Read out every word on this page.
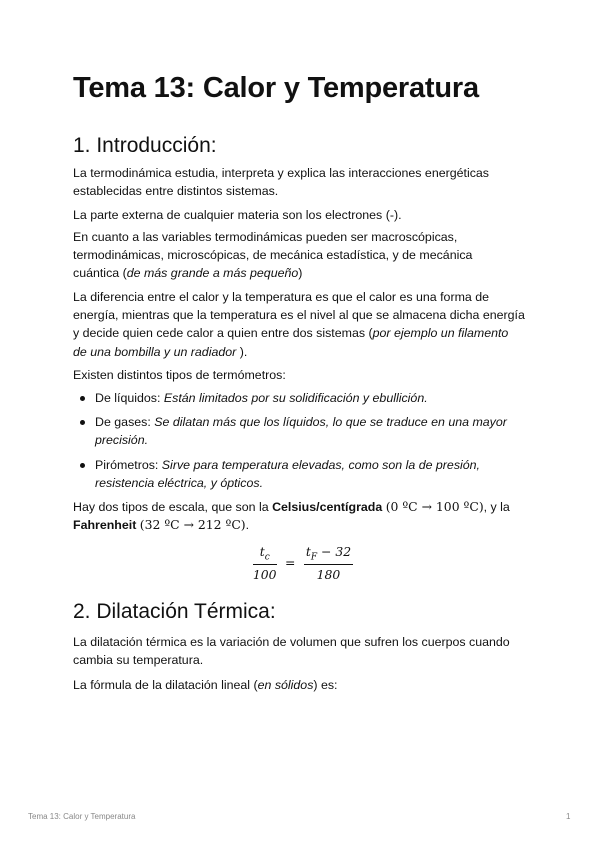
Tema 13: Calor y Temperatura
1. Introducción:

La termodinámica estudia, interpreta y explica las interacciones energéticas

establecidas entre distintos sistemas.

La parte externa de cualquier materia son los electrones (-).

En cuanto a las variables termodinámicas pueden ser macroscópicas,

termodinámicas, microscópicas, de mecánica estadística, y de mecánica

cuántica (de más grande a más pequeño)

La diferencia entre el calor y la temperatura es que el calor es una forma de

energía, mientras que la temperatura es el nivel al que se almacena dicha energía

y decide quien cede calor a quien entre dos sistemas (por ejemplo un filamento

de una bombilla y un radiador ).

Existen distintos tipos de termómetros:

De líquidos: Están limitados por su solidificación y ebullición.
De gases: Se dilatan más que los líquidos, lo que se traduce en una mayor
precisión.
Pirómetros: Sirve para temperatura elevadas, como son la de presión,
resistencia eléctrica, y ópticos.

Hay dos tipos de escala, que son la Celsius/centígrada (0 ºC → 100 ºC), y la

Fahrenheit (32 ºC → 212 ºC).

$\frac{t_c}{100} = \frac{t_F - 32}{180}$
2. Dilatación Térmica:

La dilatación térmica es la variación de volumen que sufren los cuerpos cuando

cambia su temperatura.

La fórmula de la dilatación lineal (en sólidos) es:

Tema 13: Calor y Temperatura	1
